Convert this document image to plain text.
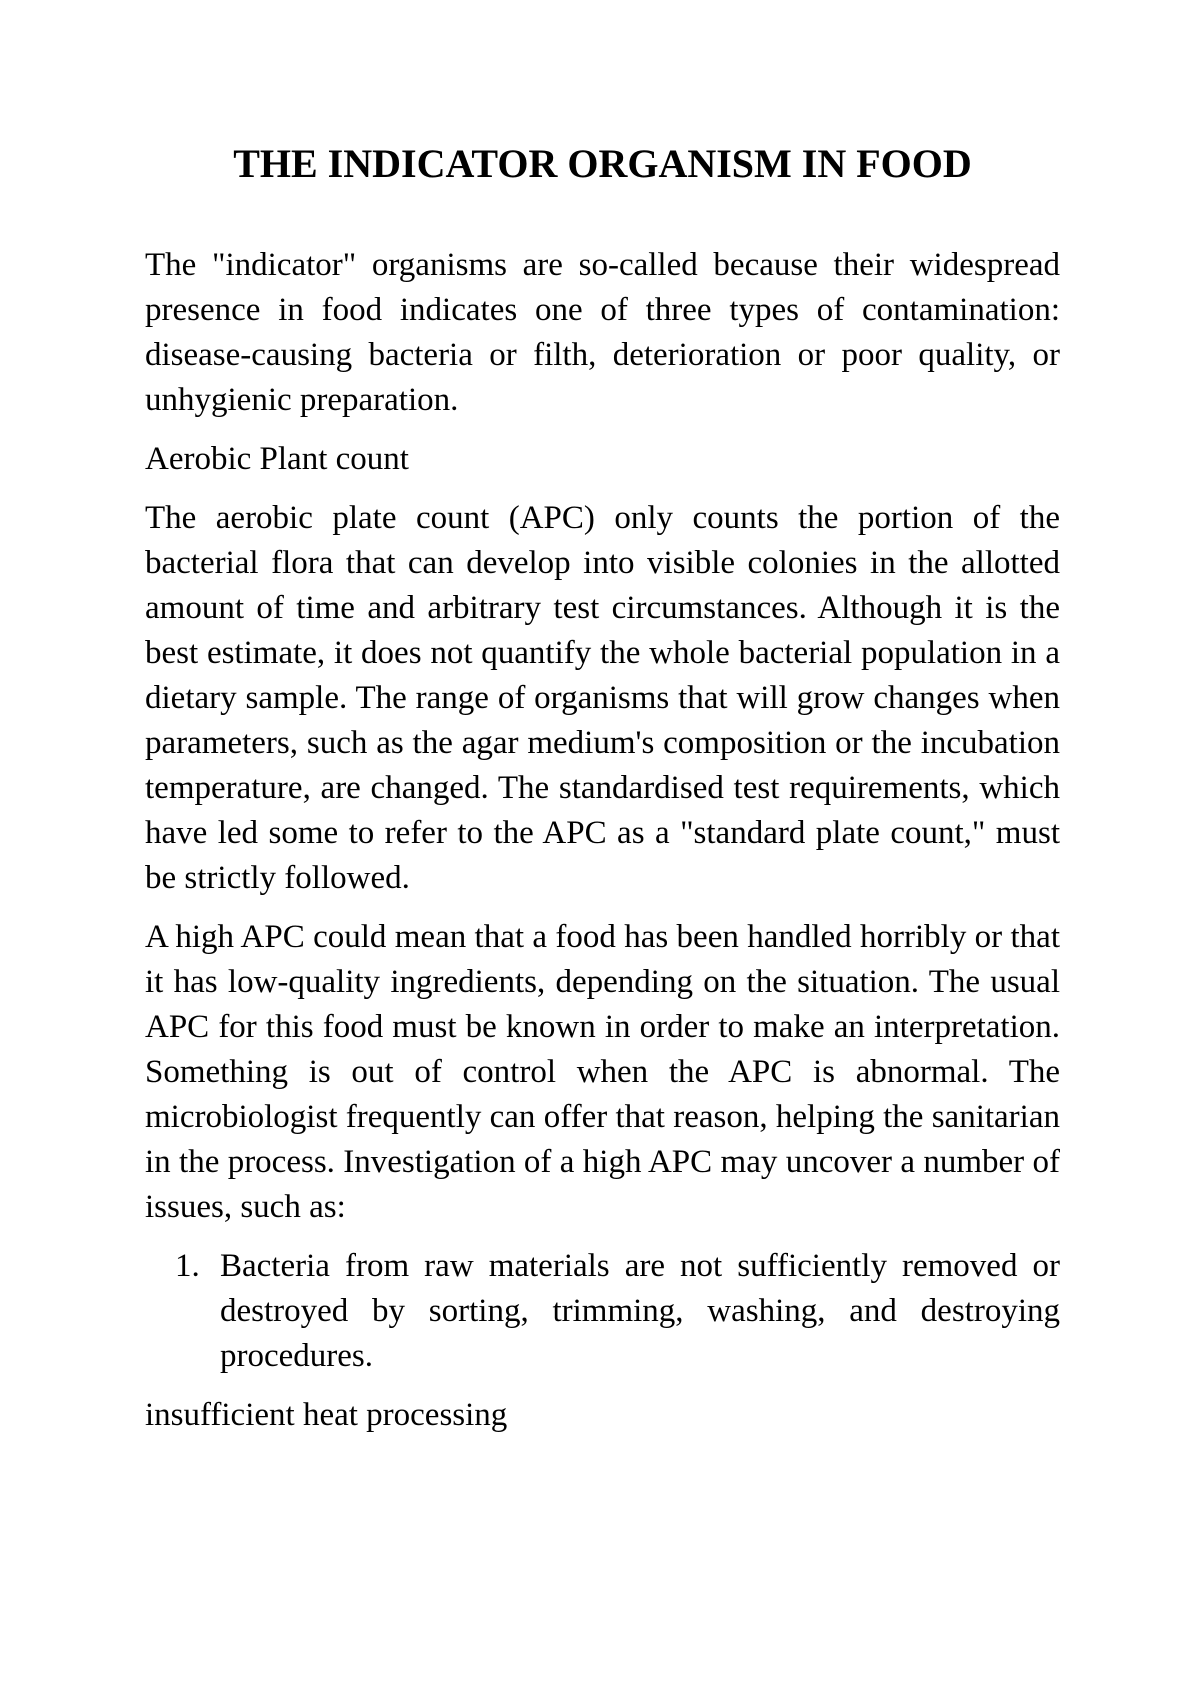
THE INDICATOR ORGANISM IN FOOD

The "indicator" organisms are so-called because their widespread presence in food indicates one of three types of contamination: disease-causing bacteria or filth, deterioration or poor quality, or unhygienic preparation.

Aerobic Plant count

The aerobic plate count (APC) only counts the portion of the bacterial flora that can develop into visible colonies in the allotted amount of time and arbitrary test circumstances. Although it is the best estimate, it does not quantify the whole bacterial population in a dietary sample. The range of organisms that will grow changes when parameters, such as the agar medium's composition or the incubation temperature, are changed. The standardised test requirements, which have led some to refer to the APC as a "standard plate count," must be strictly followed.

A high APC could mean that a food has been handled horribly or that it has low-quality ingredients, depending on the situation. The usual APC for this food must be known in order to make an interpretation. Something is out of control when the APC is abnormal. The microbiologist frequently can offer that reason, helping the sanitarian in the process. Investigation of a high APC may uncover a number of issues, such as:

1. Bacteria from raw materials are not sufficiently removed or destroyed by sorting, trimming, washing, and destroying procedures.

insufficient heat processing
